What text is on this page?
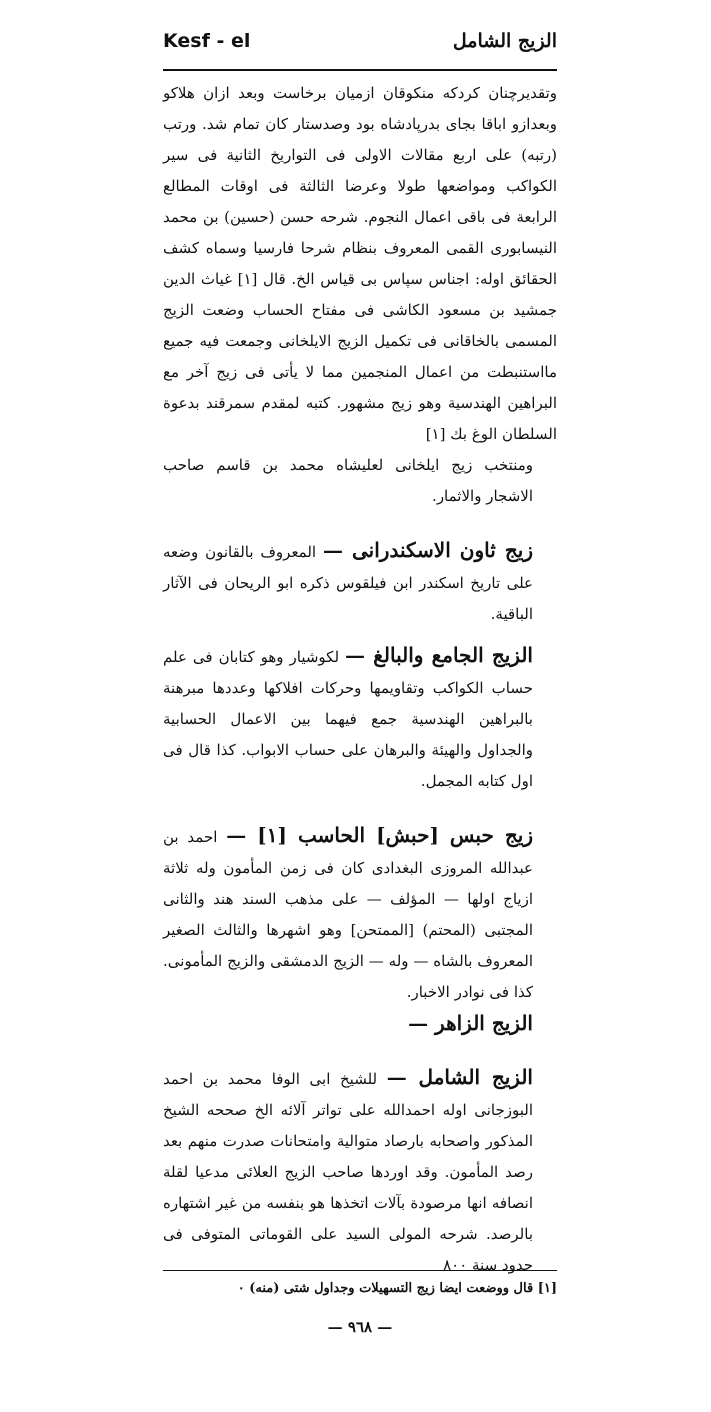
الزيج الشامل
Kesf - el

وتقديرچنان كردكه منكوقان ازميان برخاست وبعد ازان هلاكو وبعدازو اباقا بجاى بدرپادشاه بود وصدستار كان تمام شد. ورتب (رتبه) على اربع مقالات الاولى فى التواريخ الثانية فى سير الكواكب ومواضعها طولا وعرضا الثالثة فى اوقات المطالع الرابعة فى باقى اعمال النجوم. شرحه حسن (حسين) بن محمد النيسابورى القمى المعروف بنظام شرحا فارسيا وسماه كشف الحقائق اوله: اجناس سپاس بى قياس الخ. قال [١] غياث الدين جمشيد بن مسعود الكاشى فى مفتاح الحساب وضعت الزيج المسمى بالخاقانى فى تكميل الزيج الايلخانى وجمعت فيه جميع مااستنبطت من اعمال المنجمين مما لا يأتى فى زيج آخر مع البراهين الهندسية وهو زيج مشهور. كتبه لمقدم سمرقند بدعوة السلطان الوغ بك [١]

ومنتخب زيج ايلخانى لعليشاه محمد بن قاسم صاحب الاشجار والاثمار.

زيج ثاون الاسكندرانى — المعروف بالقانون وضعه على تاريخ اسكندر ابن فيلقوس ذكره ابو الريحان فى الآثار الباقية.

الزيج الجامع والبالغ — لكوشيار وهو كتابان فى علم حساب الكواكب وتقاويمها وحركات افلاكها وعددها مبرهنة بالبراهين الهندسية جمع فيهما بين الاعمال الحسابية والجداول والهيئة والبرهان على حساب الابواب. كذا قال فى اول كتابه المجمل.

زيج حبس [حبش] الحاسب [١] — احمد بن عبدالله المروزى البغدادى كان فى زمن المأمون وله ثلاثة ازياج اولها — المؤلف — على مذهب السند هند والثانى المجتبى (المحتم) [الممتحن] وهو اشهرها والثالث الصغير المعروف بالشاه — وله — الزيج الدمشقى والزيج المأمونى. كذا فى نوادر الاخبار.

الزيج الزاهر —

الزيج الشامل — للشيخ ابى الوفا محمد بن احمد البوزجانى اوله احمدالله على تواتر آلائه الخ صححه الشيخ المذكور واصحابه بارصاد متوالية وامتحانات صدرت منهم بعد رصد المأمون. وقد اوردها صاحب الزيج العلائى مدعيا لقلة انصافه انها مرصودة بآلات اتخذها هو بنفسه من غير اشتهاره بالرصد. شرحه المولى السيد على القوماتى المتوفى فى حدود سنة ٨٠٠

[١] قال ووضعت ايضا زيج التسهيلات وجداول شتى (منه) ٠
— ٩٦٨ —
